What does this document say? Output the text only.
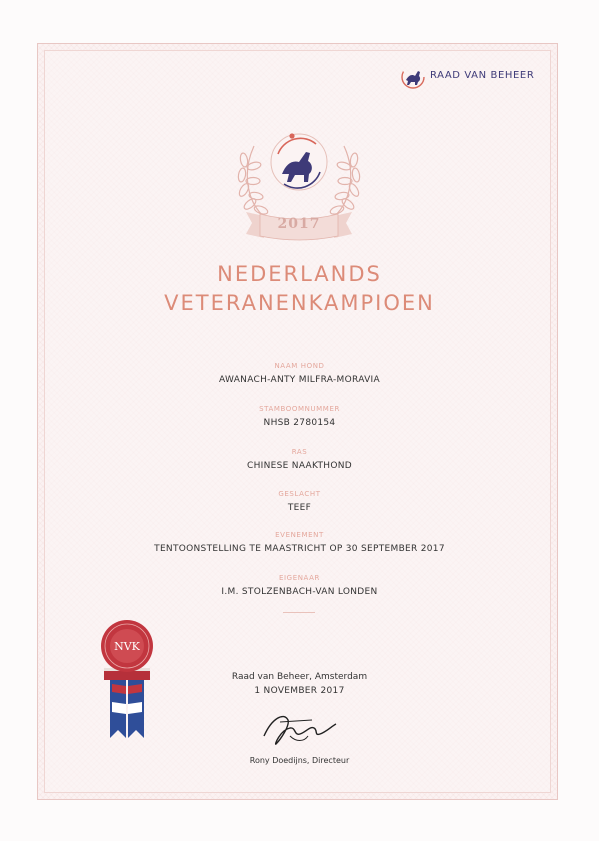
RAAD VAN BEHEER
2017
NEDERLANDS
VETERANENKAMPIOEN
NAAM HOND
AWANACH-ANTY MILFRA-MORAVIA
STAMBOOMNUMMER
NHSB 2780154
RAS
CHINESE NAAKTHOND
GESLACHT
TEEF
EVENEMENT
TENTOONSTELLING TE MAASTRICHT OP 30 SEPTEMBER 2017
EIGENAAR
I.M. STOLZENBACH-VAN LONDEN
Raad van Beheer, Amsterdam
1 NOVEMBER 2017
Rony Doedijns, Directeur
NVK
